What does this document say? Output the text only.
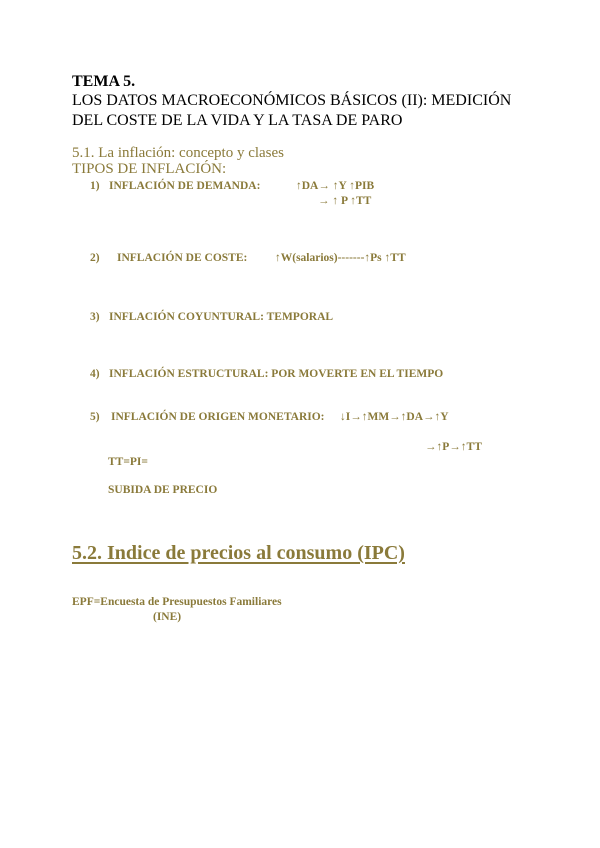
TEMA 5.
LOS DATOS MACROECONÓMICOS BÁSICOS (II): MEDICIÓN
DEL COSTE DE LA VIDA Y LA TASA DE PARO
5.1. La inflación: concepto y clases
TIPOS DE INFLACIÓN:
1) INFLACIÓN DE DEMANDA:	↑DA→ ↑Y ↑PIB
→ ↑ P ↑TT
2) INFLACIÓN DE COSTE: ↑W(salarios)-------↑Ps ↑TT
3) INFLACIÓN COYUNTURAL: TEMPORAL
4) INFLACIÓN ESTRUCTURAL: POR MOVERTE EN EL TIEMPO
5) INFLACIÓN DE ORIGEN MONETARIO: ↓I→↑MM→↑DA→↑Y
→↑P→↑TT
TT=PI=
SUBIDA DE PRECIO
5.2. Indice de precios al consumo (IPC)
EPF=Encuesta de Presupuestos Familiares
(INE)
